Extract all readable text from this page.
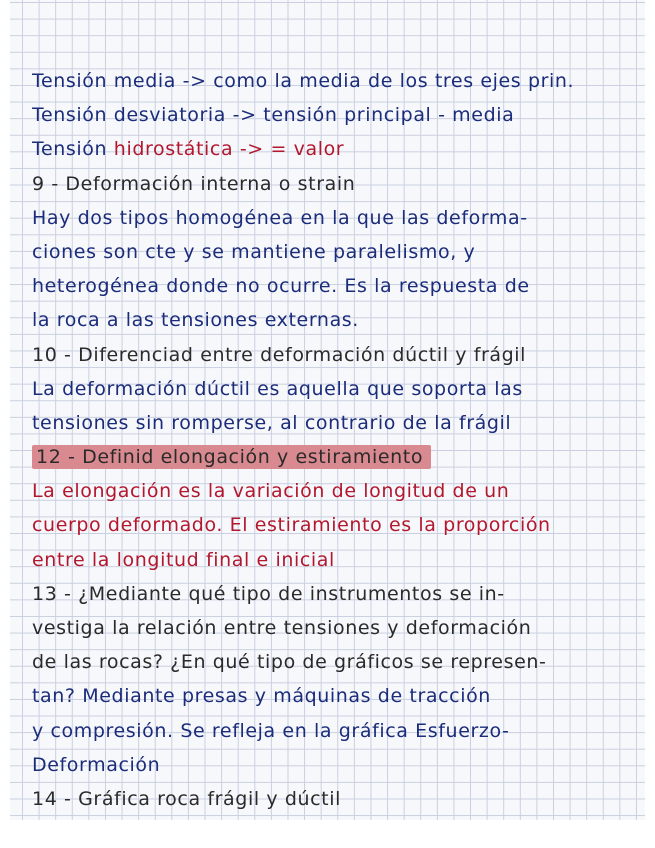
Tensión media -> como la media de los tres ejes prin.
Tensión desviatoria -> tensión principal - media
Tensión hidrostática -> = valor
9 - Deformación interna o strain
Hay dos tipos homogénea en la que las deforma-
ciones son cte y se mantiene paralelismo, y
heterogénea donde no ocurre. Es la respuesta de
la roca a las tensiones externas.
10 - Diferenciad entre deformación dúctil y frágil
La deformación dúctil es aquella que soporta las
tensiones sin romperse, al contrario de la frágil
12 - Definid elongación y estiramiento
La elongación es la variación de longitud de un
cuerpo deformado. El estiramiento es la proporción
entre la longitud final e inicial
13 - ¿Mediante qué tipo de instrumentos se in-
vestiga la relación entre tensiones y deformación
de las rocas? ¿En qué tipo de gráficos se represen-
tan? Mediante presas y máquinas de tracción
y compresión. Se refleja en la gráfica Esfuerzo-
Deformación
14 - Gráfica roca frágil y dúctil
